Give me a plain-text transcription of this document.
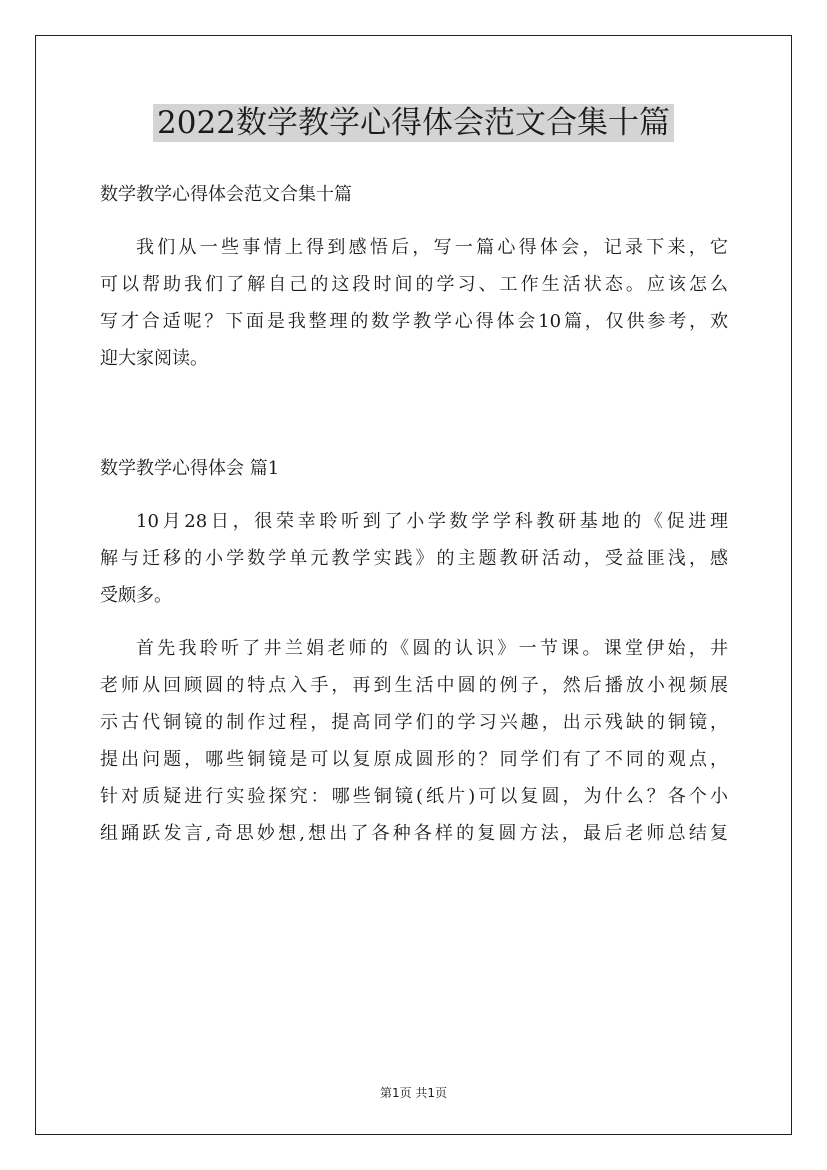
2022数学教学心得体会范文合集十篇
数学教学心得体会范文合集十篇
我们从一些事情上得到感悟后，写一篇心得体会，记录下来，它
可以帮助我们了解自己的这段时间的学习、工作生活状态。应该怎么
写才合适呢？下面是我整理的数学教学心得体会10篇，仅供参考，欢
迎大家阅读。
数学教学心得体会 篇1
10月28日，很荣幸聆听到了小学数学学科教研基地的《促进理
解与迁移的小学数学单元教学实践》的主题教研活动，受益匪浅，感
受颇多。
首先我聆听了井兰娟老师的《圆的认识》一节课。课堂伊始，井
老师从回顾圆的特点入手，再到生活中圆的例子，然后播放小视频展
示古代铜镜的制作过程，提高同学们的学习兴趣，出示残缺的铜镜，
提出问题，哪些铜镜是可以复原成圆形的？同学们有了不同的观点，
针对质疑进行实验探究：哪些铜镜(纸片)可以复圆，为什么？各个小
组踊跃发言,奇思妙想,想出了各种各样的复圆方法，最后老师总结复
第1页 共1页
